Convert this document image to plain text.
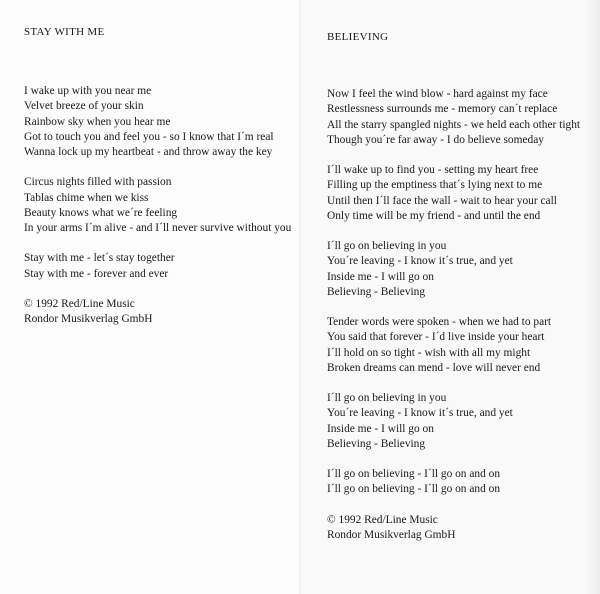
STAY WITH ME

I wake up with you near me
Velvet breeze of your skin
Rainbow sky when you hear me
Got to touch you and feel you - so I know that I´m real
Wanna lock up my heartbeat - and throw away the key

Circus nights filled with passion
Tablas chime when we kiss
Beauty knows what we´re feeling
In your arms I´m alive - and I´ll never survive without you

Stay with me - let´s stay together
Stay with me - forever and ever

© 1992 Red/Line Music
Rondor Musikverlag GmbH

BELIEVING

Now I feel the wind blow - hard against my face
Restlessness surrounds me - memory can´t replace
All the starry spangled nights - we held each other tight
Though you´re far away - I do believe someday

I´ll wake up to find you - setting my heart free
Filling up the emptiness that´s lying next to me
Until then I´ll face the wall - wait to hear your call
Only time will be my friend - and until the end

I´ll go on believing in you
You´re leaving - I know it´s true, and yet
Inside me - I will go on
Believing - Believing

Tender words were spoken - when we had to part
You said that forever - I´d live inside your heart
I´ll hold on so tight - wish with all my might
Broken dreams can mend - love will never end

I´ll go on believing in you
You´re leaving - I know it´s true, and yet
Inside me - I will go on
Believing - Believing

I´ll go on believing - I´ll go on and on
I´ll go on believing - I´ll go on and on

© 1992 Red/Line Music
Rondor Musikverlag GmbH
